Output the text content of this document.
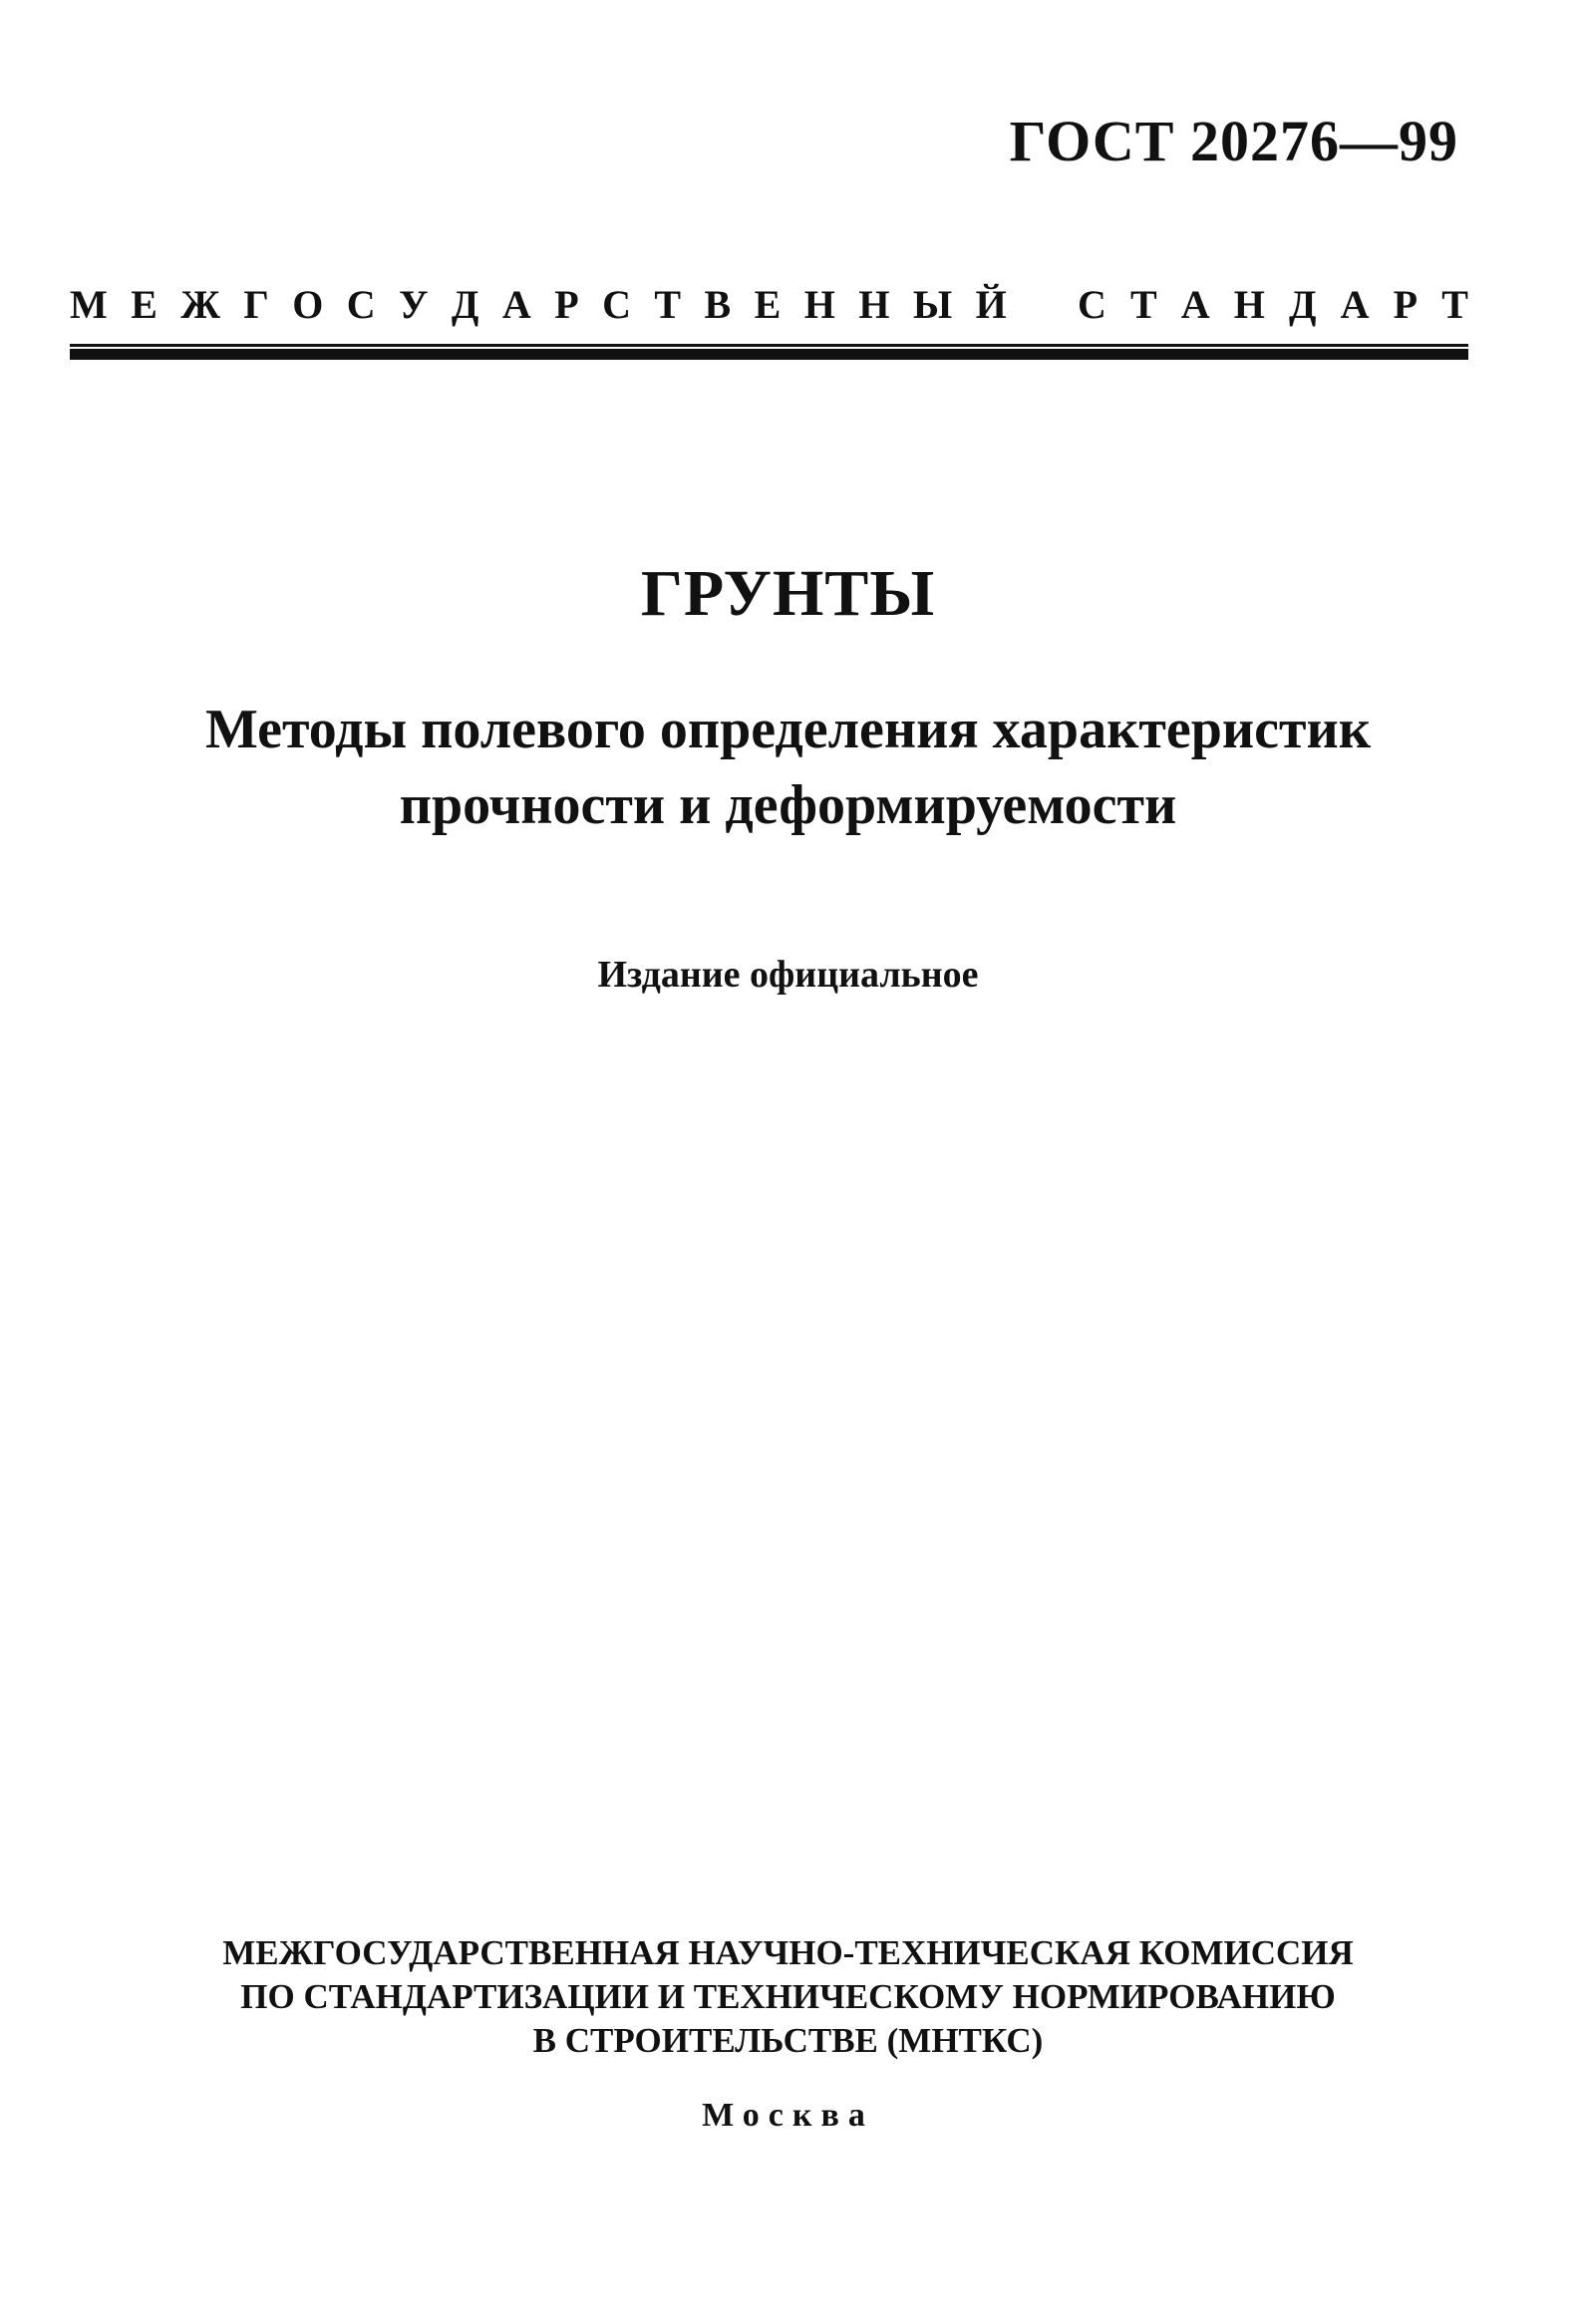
ГОСТ 20276—99
М Е Ж Г О С У Д А Р С Т В Е Н Н Ы Й С Т А Н Д А Р Т
ГРУНТЫ
Методы полевого определения характеристик
прочности и деформируемости
Издание официальное
МЕЖГОСУДАРСТВЕННАЯ НАУЧНО-ТЕХНИЧЕСКАЯ КОМИССИЯ
ПО СТАНДАРТИЗАЦИИ И ТЕХНИЧЕСКОМУ НОРМИРОВАНИЮ
В СТРОИТЕЛЬСТВЕ (МНТКС)
Москва
